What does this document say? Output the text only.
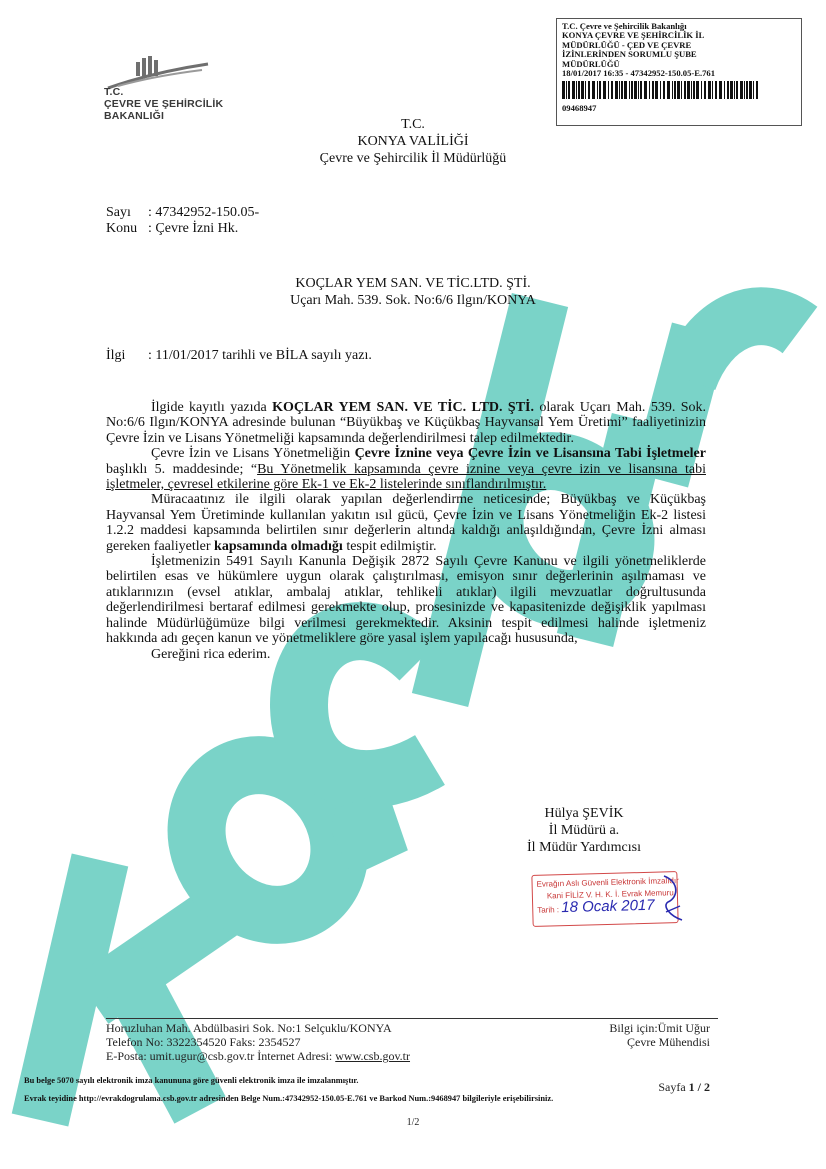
T.C.
ÇEVRE VE ŞEHİRCİLİK
BAKANLIĞI
T.C. Çevre ve Şehircilik Bakanlığı
KONYA ÇEVRE VE ŞEHİRCİLİK İL
MÜDÜRLÜĞÜ - ÇED VE ÇEVRE
İZİNLERİNDEN SORUMLU ŞUBE
MÜDÜRLÜĞÜ
18/01/2017 16:35 - 47342952-150.05-E.761
09468947
T.C.
KONYA VALİLİĞİ
Çevre ve Şehircilik İl Müdürlüğü
Sayı : 47342952-150.05-
Konu : Çevre İzni Hk.
KOÇLAR YEM SAN. VE TİC.LTD. ŞTİ.
Uçarı Mah. 539. Sok. No:6/6 Ilgın/KONYA
İlgi : 11/01/2017 tarihli ve BİLA sayılı yazı.
İlgide kayıtlı yazıda KOÇLAR YEM SAN. VE TİC. LTD. ŞTİ. olarak Uçarı Mah. 539. Sok. No:6/6 Ilgın/KONYA adresinde bulunan “Büyükbaş ve Küçükbaş Hayvansal Yem Üretimi” faaliyetinizin Çevre İzin ve Lisans Yönetmeliği kapsamında değerlendirilmesi talep edilmektedir.
Çevre İzin ve Lisans Yönetmeliğin Çevre İznine veya Çevre İzin ve Lisansına Tabi İşletmeler başlıklı 5. maddesinde; “Bu Yönetmelik kapsamında çevre iznine veya çevre izin ve lisansına tabi işletmeler, çevresel etkilerine göre Ek-1 ve Ek-2 listelerinde sınıflandırılmıştır.
Müracaatınız ile ilgili olarak yapılan değerlendirme neticesinde; Büyükbaş ve Küçükbaş Hayvansal Yem Üretiminde kullanılan yakıtın ısıl gücü, Çevre İzin ve Lisans Yönetmeliğin Ek-2 listesi 1.2.2 maddesi kapsamında belirtilen sınır değerlerin altında kaldığı anlaşıldığından, Çevre İzni alması gereken faaliyetler kapsamında olmadığı tespit edilmiştir.
İşletmenizin 5491 Sayılı Kanunla Değişik 2872 Sayılı Çevre Kanunu ve ilgili yönetmeliklerde belirtilen esas ve hükümlere uygun olarak çalıştırılması, emisyon sınır değerlerinin aşılmaması ve atıklarınızın (evsel atıklar, ambalaj atıklar, tehlikeli atıklar) ilgili mevzuatlar doğrultusunda değerlendirilmesi bertaraf edilmesi gerekmekte olup, prosesinizde ve kapasitenizde değişiklik yapılması halinde Müdürlüğümüze bilgi verilmesi gerekmektedir. Aksinin tespit edilmesi halinde işletmeniz hakkında adı geçen kanun ve yönetmeliklere göre yasal işlem yapılacağı hususunda,
Gereğini rica ederim.
Hülya ŞEVİK
İl Müdürü a.
İl Müdür Yardımcısı
Evrağın Aslı Güvenli Elektronik İmzalıdır
Kani FİLİZ V. H. K. İ. Evrak Memuru
Tarih : 18 Ocak 2017
Horuzluhan Mah. Abdülbasiri Sok. No:1 Selçuklu/KONYA
Telefon No: 3322354520 Faks: 2354527
E-Posta: umit.ugur@csb.gov.tr İnternet Adresi: www.csb.gov.tr
Bilgi için:Ümit Uğur
Çevre Mühendisi
Bu belge 5070 sayılı elektronik imza kanununa göre güvenli elektronik imza ile imzalanmıştır.	Sayfa 1 / 2
Evrak teyidine http://evrakdogrulama.csb.gov.tr adresinden Belge Num.:47342952-150.05-E.761 ve Barkod Num.:9468947 bilgileriyle erişebilirsiniz.
1/2
